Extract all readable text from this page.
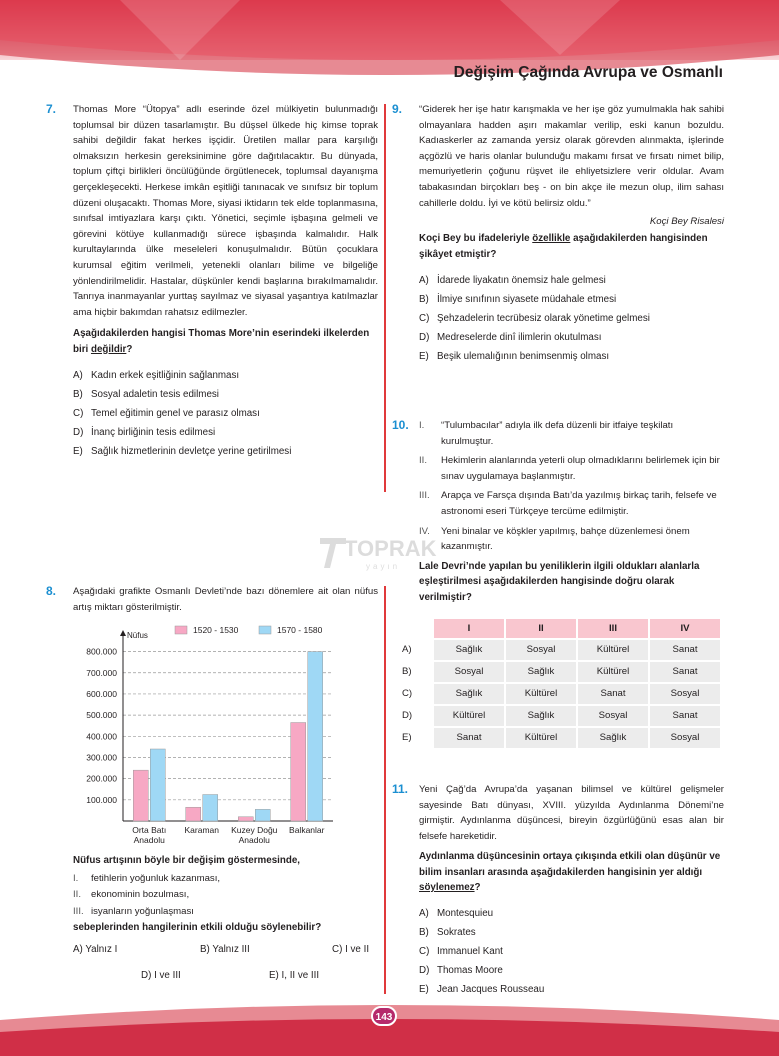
Değişim Çağında Avrupa ve Osmanlı
TOPRAK
yayın
7. Thomas More “Ütopya” adlı eserinde özel mülkiyetin bulunmadığı toplumsal bir düzen tasarlamıştır. Bu düşsel ülkede hiç kimse toprak sahibi değildir fakat herkes işçidir. Üretilen mallar para karşılığı olmaksızın herkesin gereksinimine göre dağıtılacaktır. Bu dünyada, toplum çiftçi birlikleri öncülüğünde örgütlenecek, toplumsal dayanışma gerçekleşecekti. Herkese imkân eşitliği tanınacak ve sınıfsız bir toplum düzeni oluşacaktı. Thomas More, siyasi iktidarın tek elde toplanmasına, sınıfsal imtiyazlara karşı çıktı. Yönetici, seçimle işbaşına gelmeli ve görevini kötüye kullanmadığı sürece işbaşında kalmalıdır. Halk kurultaylarında ülke meseleleri konuşulmalıdır. Bütün çocuklara kurumsal eğitim verilmeli, yetenekli olanları bilime ve bilgeliğe yönlendirilmelidir. Hastalar, düşkünler kendi başlarına bırakılmamalıdır. Tanrıya inanmayanlar yurttaş sayılmaz ve siyasal yaşantıya katılmazlar ama hiçbir bakımdan rahatsız edilmezler.

Aşağıdakilerden hangisi Thomas More’nin eserindeki ilkelerden biri değildir?

A) Kadın erkek eşitliğinin sağlanması
B) Sosyal adaletin tesis edilmesi
C) Temel eğitimin genel ve parasız olması
D) İnanç birliğinin tesis edilmesi
E) Sağlık hizmetlerinin devletçe yerine getirilmesi
8. Aşağıdaki grafikte Osmanlı Devleti’nde bazı dönemlere ait olan nüfus artış miktarı gösterilmiştir.

100.000
200.000
300.000
400.000
500.000
600.000
700.000
800.000
Nüfus
1520 - 1530	1570 - 1580
Orta Batı
Anadolu
Karaman Kuzey Doğu
Anadolu
Balkanlar

Nüfus artışının böyle bir değişim göstermesinde,

I.	fetihlerin yoğunluk kazanması,
II.	ekonominin bozulması,
III. isyanların yoğunlaşması

sebeplerinden hangilerinin etkili olduğu söylenebilir?

A) Yalnız I	B) Yalnız III	C) I ve II
D) I ve III	E) I, II ve III
9. “Giderek her işe hatır karışmakla ve her işe göz yumulmakla hak sahibi olmayanlara hadden aşırı makamlar verilip, eski kanun bozuldu. Kadıaskerler az zamanda yersiz olarak görevden alınmakta, işlerinde açgözlü ve haris olanlar bulunduğu makamı fırsat ve fırsatı nimet bilip, memuriyetlerin çoğunu rüşvet ile ehliyetsizlere verir oldular. Avam tabakasından birçokları beş - on bin akçe ile mezun olup, ilim sahası cahillerle doldu. İyi ve kötü belirsiz oldu.”

Koçi Bey Risalesi

Koçi Bey bu ifadeleriyle özellikle aşağıdakilerden hangisinden şikâyet etmiştir?

A) İdarede liyakatın önemsiz hale gelmesi
B) İlmiye sınıfının siyasete müdahale etmesi
C) Şehzadelerin tecrübesiz olarak yönetime gelmesi
D) Medreselerde dinî ilimlerin okutulması
E) Beşik ulemalığının benimsenmiş olması
10. I.	“Tulumbacılar” adıyla ilk defa düzenli bir itfaiye teşkilatı kurulmuştur.
II.	Hekimlerin alanlarında yeterli olup olmadıklarını belirlemek için bir sınav uygulamaya başlanmıştır.
III.	Arapça ve Farsça dışında Batı’da yazılmış birkaç tarih, felsefe ve astronomi eseri Türkçeye tercüme edilmiştir.
IV.	Yeni binalar ve köşkler yapılmış, bahçe düzenlemesi önem kazanmıştır.

Lale Devri’nde yapılan bu yeniliklerin ilgili oldukları alanlarla eşleştirilmesi aşağıdakilerden hangisinde doğru olarak verilmiştir?

	I	II	III	IV
A)	Sağlık	Sosyal	Kültürel	Sanat
B)	Sosyal	Sağlık	Kültürel	Sanat
C)	Sağlık	Kültürel	Sanat	Sosyal
D)	Kültürel	Sağlık	Sosyal	Sanat
E)	Sanat	Kültürel	Sağlık	Sosyal
11. Yeni Çağ’da Avrupa’da yaşanan bilimsel ve kültürel gelişmeler sayesinde Batı dünyası, XVIII. yüzyılda Aydınlanma Dönemi’ne girmiştir. Aydınlanma düşüncesi, bireyin özgürlüğünü esas alan bir felsefe hareketidir.

Aydınlanma düşüncesinin ortaya çıkışında etkili olan düşünür ve bilim insanları arasında aşağıdakilerden hangisinin yer aldığı söylenemez?

A) Montesquieu
B) Sokrates
C) Immanuel Kant
D) Thomas Moore
E) Jean Jacques Rousseau
143
